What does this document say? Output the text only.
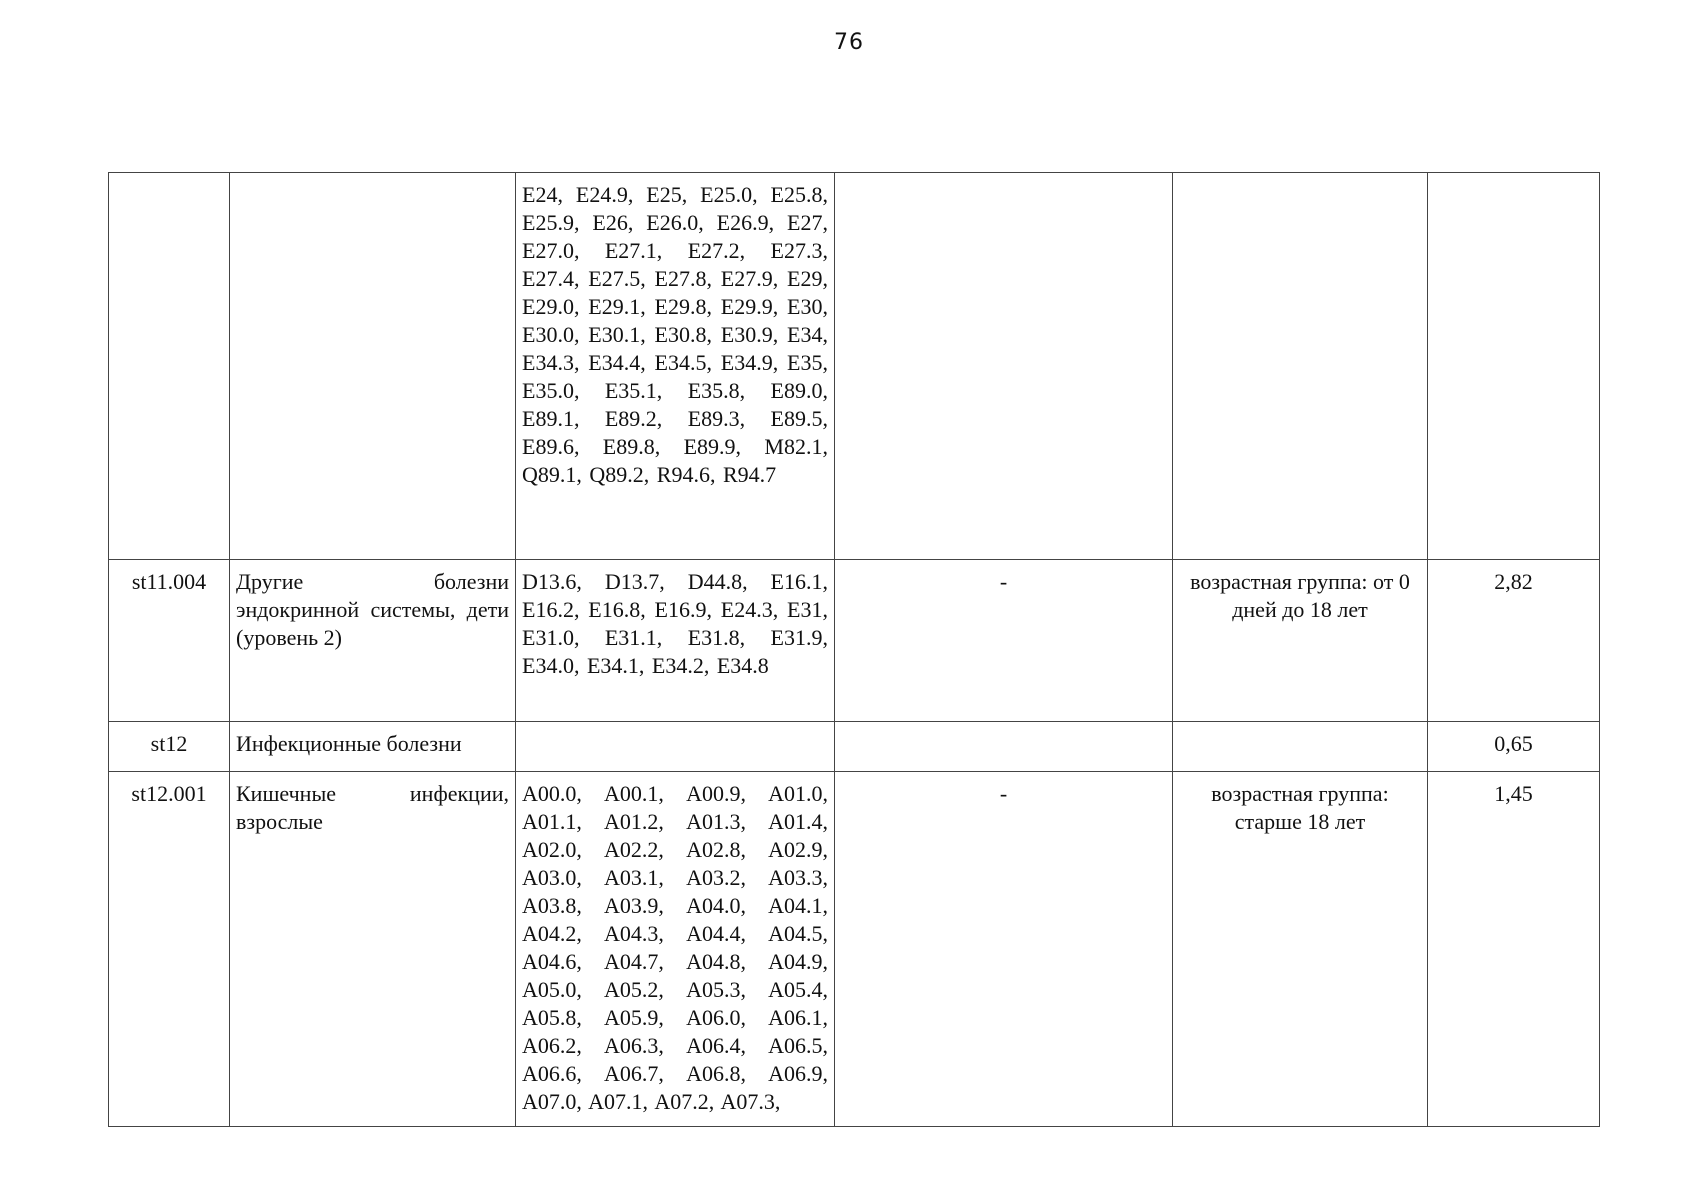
76
		E24, E24.9, E25, E25.0, E25.8, E25.9, E26, E26.0, E26.9, E27, E27.0, E27.1, E27.2, E27.3, E27.4, E27.5, E27.8, E27.9, E29, E29.0, E29.1, E29.8, E29.9, E30, E30.0, E30.1, E30.8, E30.9, E34, E34.3, E34.4, E34.5, E34.9, E35, E35.0, E35.1, E35.8, E89.0, E89.1, E89.2, E89.3, E89.5, E89.6, E89.8, E89.9, M82.1, Q89.1, Q89.2, R94.6, R94.7			
st11.004	Другие болезни эндокринной системы, дети (уровень 2)	D13.6, D13.7, D44.8, E16.1, E16.2, E16.8, E16.9, E24.3, E31, E31.0, E31.1, E31.8, E31.9, E34.0, E34.1, E34.2, E34.8	-	возрастная группа: от 0 дней до 18 лет	2,82
st12	Инфекционные болезни				0,65
st12.001	Кишечные инфекции, взрослые	A00.0, A00.1, A00.9, A01.0, A01.1, A01.2, A01.3, A01.4, A02.0, A02.2, A02.8, A02.9, A03.0, A03.1, A03.2, A03.3, A03.8, A03.9, A04.0, A04.1, A04.2, A04.3, A04.4, A04.5, A04.6, A04.7, A04.8, A04.9, A05.0, A05.2, A05.3, A05.4, A05.8, A05.9, A06.0, A06.1, A06.2, A06.3, A06.4, A06.5, A06.6, A06.7, A06.8, A06.9, A07.0, A07.1, A07.2, A07.3,	-	возрастная группа: старше 18 лет	1,45
